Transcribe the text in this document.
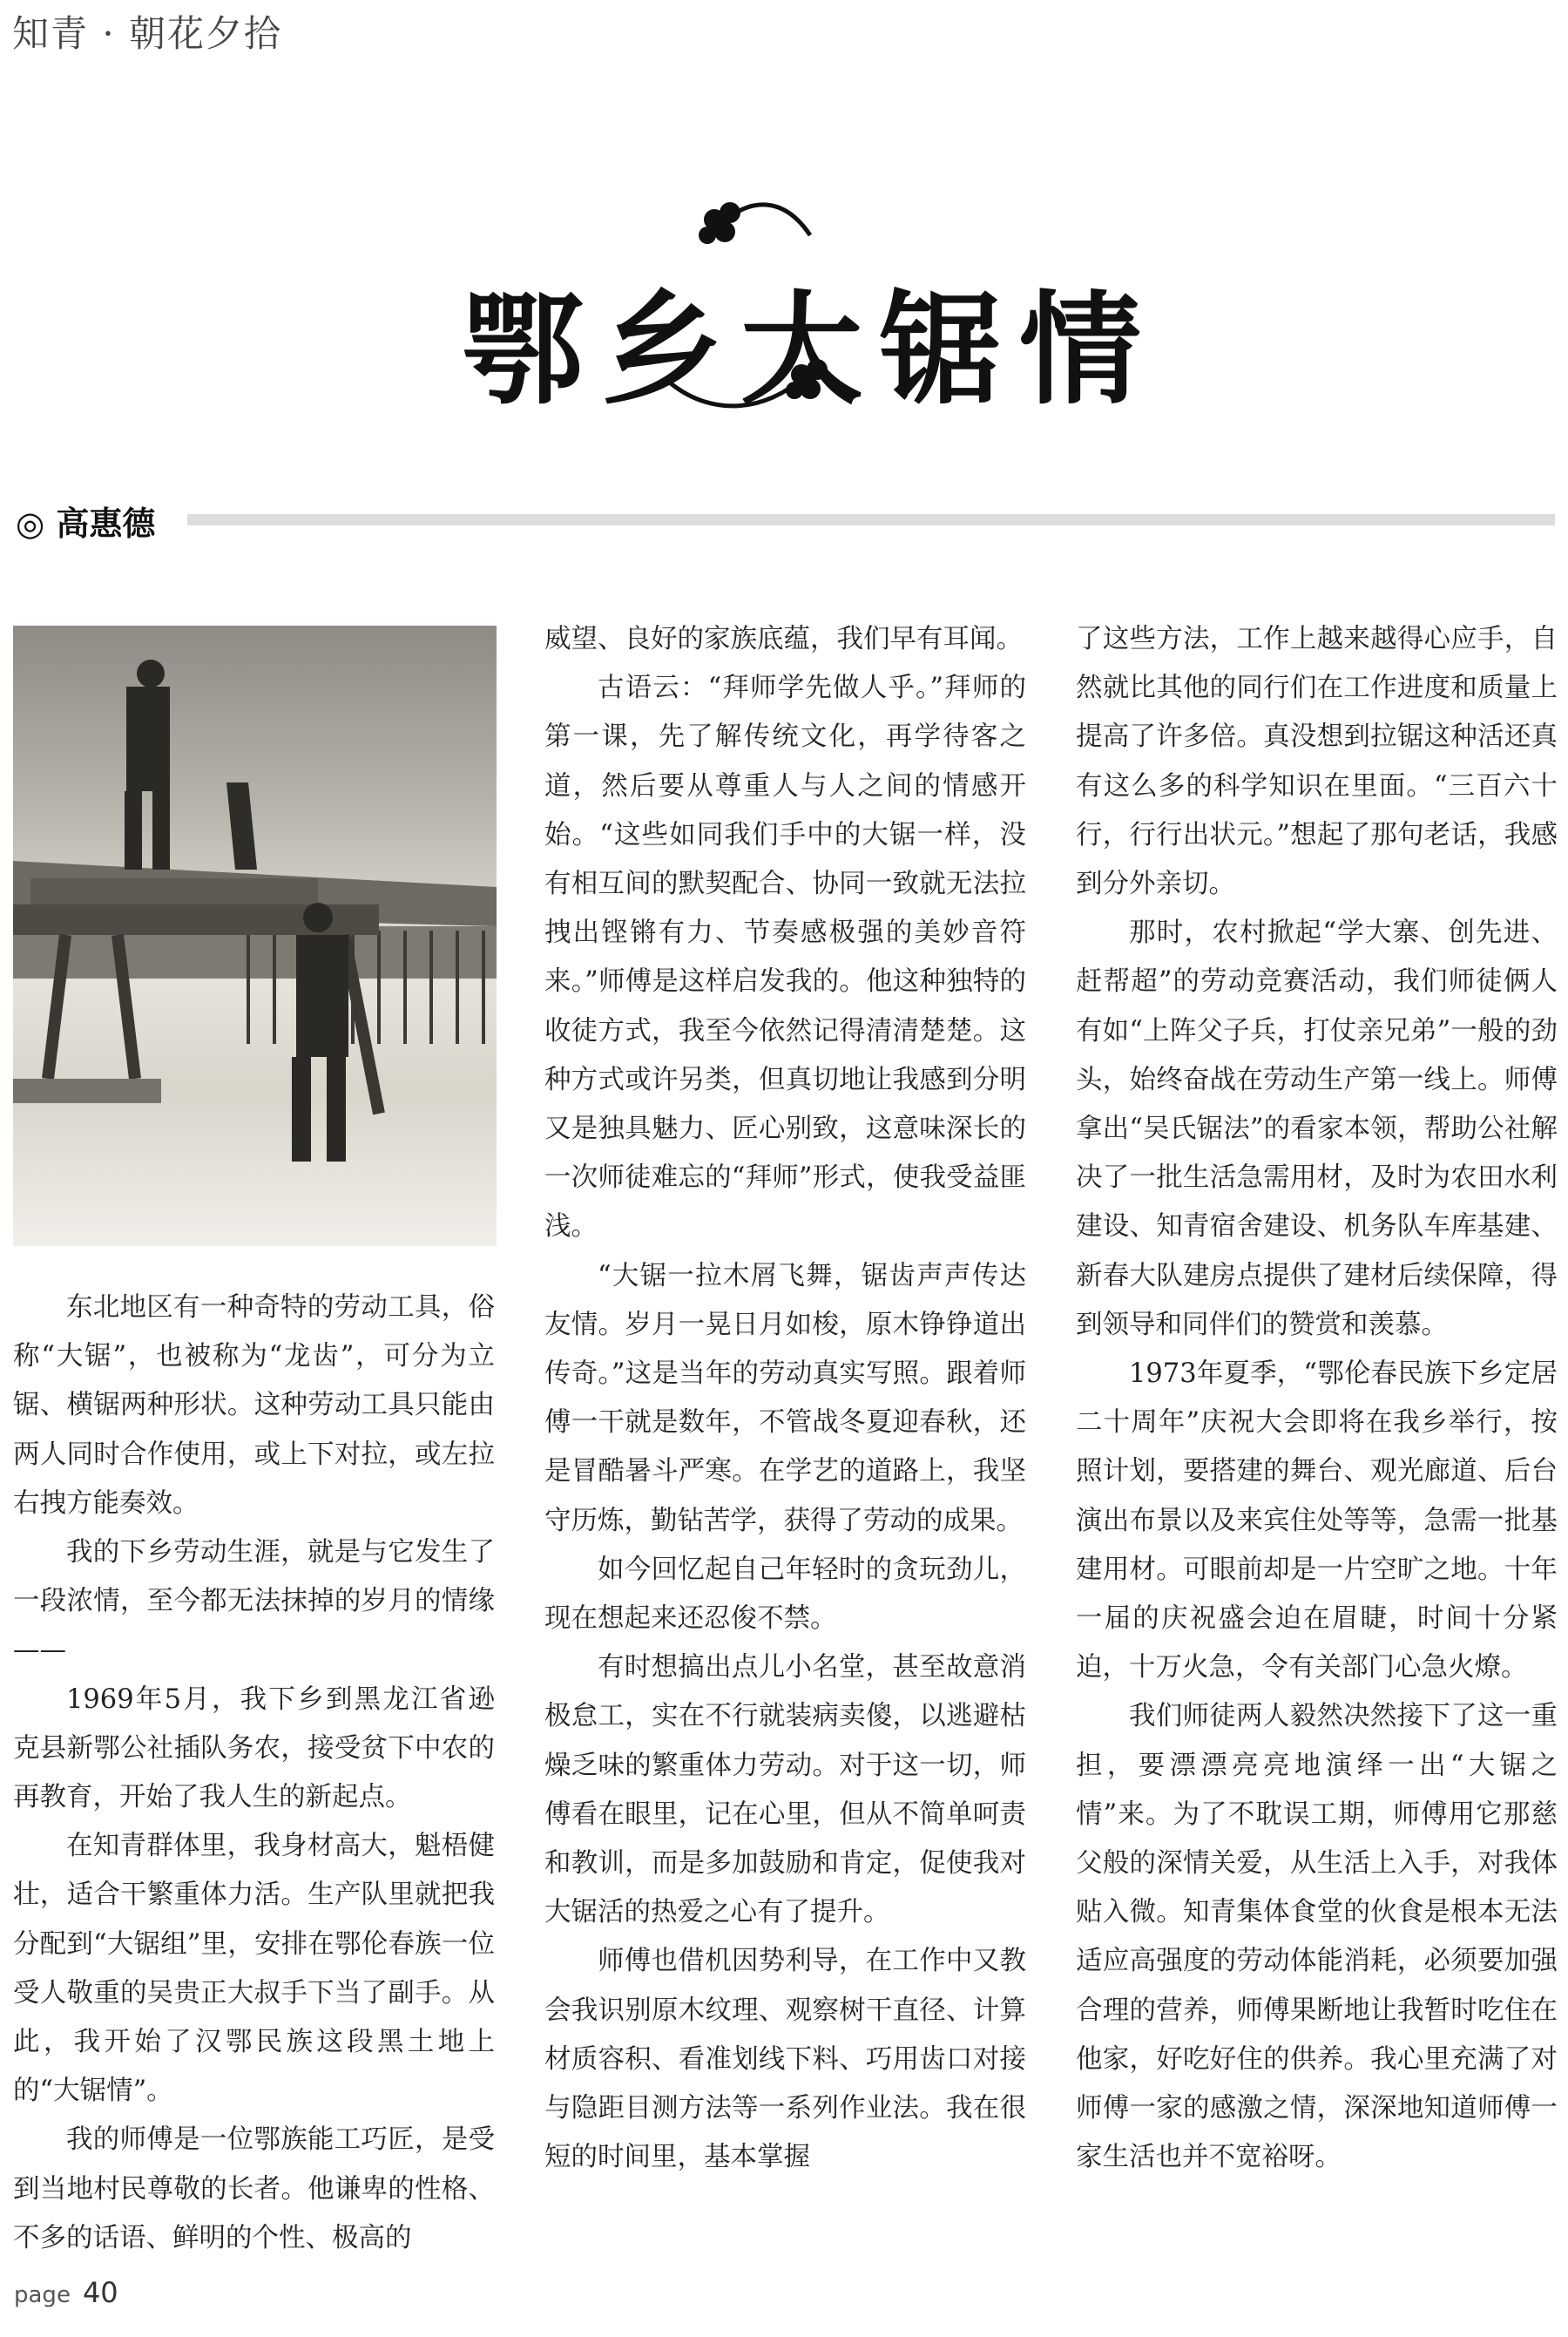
知青 · 朝花夕拾
鄂乡大锯情
◎ 高惠德

东北地区有一种奇特的劳动工具，俗称“大锯”，也被称为“龙齿”，可分为立锯、横锯两种形状。这种劳动工具只能由两人同时合作使用，或上下对拉，或左拉右拽方能奏效。

我的下乡劳动生涯，就是与它发生了一段浓情，至今都无法抹掉的岁月的情缘——

1969年5月，我下乡到黑龙江省逊克县新鄂公社插队务农，接受贫下中农的再教育，开始了我人生的新起点。

在知青群体里，我身材高大，魁梧健壮，适合干繁重体力活。生产队里就把我分配到“大锯组”里，安排在鄂伦春族一位受人敬重的吴贵正大叔手下当了副手。从此，我开始了汉鄂民族这段黑土地上的“大锯情”。

我的师傅是一位鄂族能工巧匠，是受到当地村民尊敬的长者。他谦卑的性格、不多的话语、鲜明的个性、极高的

威望、良好的家族底蕴，我们早有耳闻。

古语云：“拜师学先做人乎。”拜师的第一课，先了解传统文化，再学待客之道，然后要从尊重人与人之间的情感开始。“这些如同我们手中的大锯一样，没有相互间的默契配合、协同一致就无法拉拽出铿锵有力、节奏感极强的美妙音符来。”师傅是这样启发我的。他这种独特的收徒方式，我至今依然记得清清楚楚。这种方式或许另类，但真切地让我感到分明又是独具魅力、匠心别致，这意味深长的一次师徒难忘的“拜师”形式，使我受益匪浅。

“大锯一拉木屑飞舞，锯齿声声传达友情。岁月一晃日月如梭，原木铮铮道出传奇。”这是当年的劳动真实写照。跟着师傅一干就是数年，不管战冬夏迎春秋，还是冒酷暑斗严寒。在学艺的道路上，我坚守历炼，勤钻苦学，获得了劳动的成果。

如今回忆起自己年轻时的贪玩劲儿，现在想起来还忍俊不禁。

有时想搞出点儿小名堂，甚至故意消极怠工，实在不行就装病卖傻，以逃避枯燥乏味的繁重体力劳动。对于这一切，师傅看在眼里，记在心里，但从不简单呵责和教训，而是多加鼓励和肯定，促使我对大锯活的热爱之心有了提升。

师傅也借机因势利导，在工作中又教会我识别原木纹理、观察树干直径、计算材质容积、看准划线下料、巧用齿口对接与隐距目测方法等一系列作业法。我在很短的时间里，基本掌握

了这些方法，工作上越来越得心应手，自然就比其他的同行们在工作进度和质量上提高了许多倍。真没想到拉锯这种活还真有这么多的科学知识在里面。“三百六十行，行行出状元。”想起了那句老话，我感到分外亲切。

那时，农村掀起“学大寨、创先进、赶帮超”的劳动竞赛活动，我们师徒俩人有如“上阵父子兵，打仗亲兄弟”一般的劲头，始终奋战在劳动生产第一线上。师傅拿出“吴氏锯法”的看家本领，帮助公社解决了一批生活急需用材，及时为农田水利建设、知青宿舍建设、机务队车库基建、新春大队建房点提供了建材后续保障，得到领导和同伴们的赞赏和羡慕。

1973年夏季，“鄂伦春民族下乡定居二十周年”庆祝大会即将在我乡举行，按照计划，要搭建的舞台、观光廊道、后台演出布景以及来宾住处等等，急需一批基建用材。可眼前却是一片空旷之地。十年一届的庆祝盛会迫在眉睫，时间十分紧迫，十万火急，令有关部门心急火燎。

我们师徒两人毅然决然接下了这一重担，要漂漂亮亮地演绎一出“大锯之情”来。为了不耽误工期，师傅用它那慈父般的深情关爱，从生活上入手，对我体贴入微。知青集体食堂的伙食是根本无法适应高强度的劳动体能消耗，必须要加强合理的营养，师傅果断地让我暂时吃住在他家，好吃好住的供养。我心里充满了对师傅一家的感激之情，深深地知道师傅一家生活也并不宽裕呀。

page 40
